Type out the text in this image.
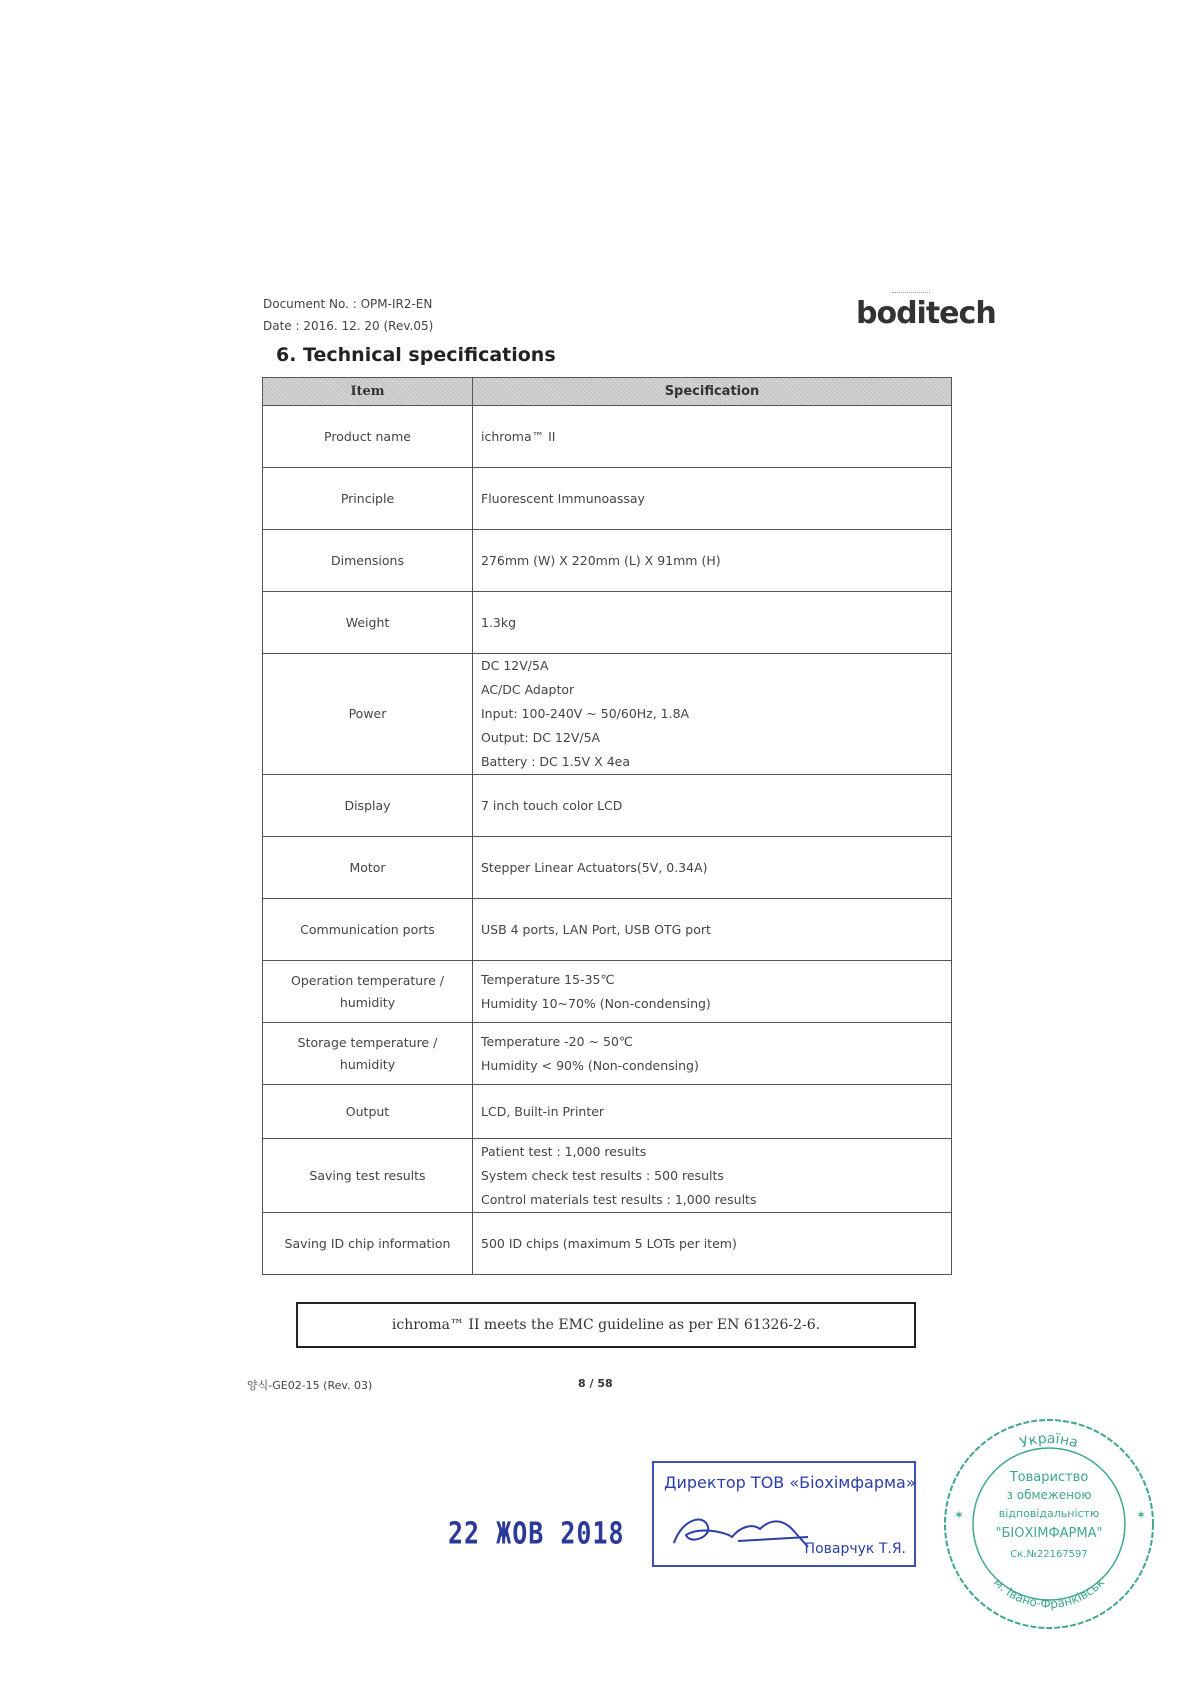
Document No. : OPM-IR2-EN
Date : 2016. 12. 20 (Rev.05)	boditech
6. Technical specifications
Item	Specification
Product name	ichroma™ II

Principle	Fluorescent Immunoassay

Dimensions	276mm (W) X 220mm (L) X 91mm (H)

Weight	1.3kg

Power	DC 12V/5A
AC/DC Adaptor
Input: 100-240V ~ 50/60Hz, 1.8A
Output: DC 12V/5A
Battery : DC 1.5V X 4ea

Display	7 inch touch color LCD

Motor	Stepper Linear Actuators(5V, 0.34A)

Communication ports	USB 4 ports, LAN Port, USB OTG port

Operation temperature / humidity	Temperature 15-35℃
Humidity 10~70% (Non-condensing)

Storage temperature / humidity	Temperature -20 ~ 50℃
Humidity < 90% (Non-condensing)

Output	LCD, Built-in Printer

Saving test results	Patient test : 1,000 results
System check test results : 500 results
Control materials test results : 1,000 results

Saving ID chip information	500 ID chips (maximum 5 LOTs per item)
ichroma™ II meets the EMC guideline as per EN 61326-2-6.
양식-GE02-15 (Rev. 03)	8 / 58
22 ЖОВ 2018
Директор ТОВ «Біохімфарма»
Поварчук Т.Я.
Україна
Товариство
з обмеженою
відповідальністю
"БІОХІМФАРМА"
Ск.№22167597
м. Івано-Франківськ
✶	✶
